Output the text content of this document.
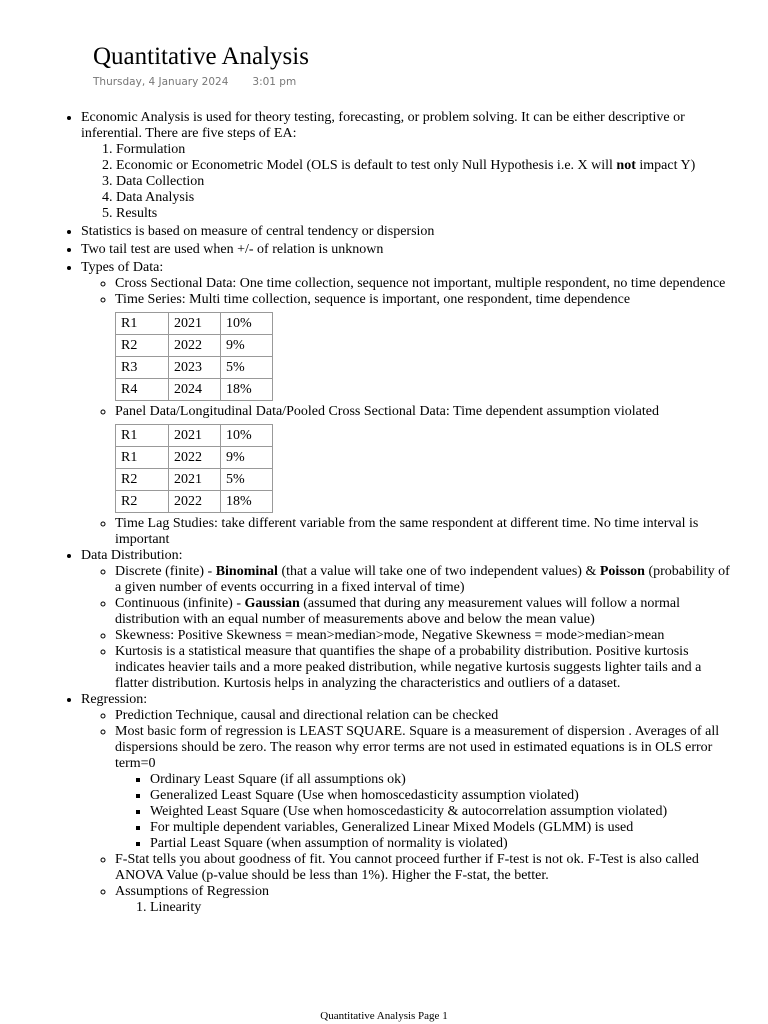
Quantitative Analysis
Thursday, 4 January 2024 3:01 pm
• Economic Analysis is used for theory testing, forecasting, or problem solving. It can be either descriptive or inferential. There are five steps of EA:
1. Formulation
2. Economic or Econometric Model (OLS is default to test only Null Hypothesis i.e. X will not impact Y)
3. Data Collection
4. Data Analysis
5. Results
• Statistics is based on measure of central tendency or dispersion
• Two tail test are used when +/- of relation is unknown
• Types of Data:
◦ Cross Sectional Data: One time collection, sequence not important, multiple respondent, no time dependence
◦ Time Series: Multi time collection, sequence is important, one respondent, time dependence
R1	2021	10%
R2	2022	9%
R3	2023	5%
R4	2024	18%
◦ Panel Data/Longitudinal Data/Pooled Cross Sectional Data: Time dependent assumption violated
R1	2021	10%
R1	2022	9%
R2	2021	5%
R2	2022	18%
◦ Time Lag Studies: take different variable from the same respondent at different time. No time interval is important
• Data Distribution:
◦ Discrete (finite) - Binominal (that a value will take one of two independent values) & Poisson (probability of a given number of events occurring in a fixed interval of time)
◦ Continuous (infinite) - Gaussian (assumed that during any measurement values will follow a normal distribution with an equal number of measurements above and below the mean value)
◦ Skewness: Positive Skewness = mean>median>mode, Negative Skewness = mode>median>mean
◦ Kurtosis is a statistical measure that quantifies the shape of a probability distribution. Positive kurtosis indicates heavier tails and a more peaked distribution, while negative kurtosis suggests lighter tails and a flatter distribution. Kurtosis helps in analyzing the characteristics and outliers of a dataset.
• Regression:
◦ Prediction Technique, causal and directional relation can be checked
◦ Most basic form of regression is LEAST SQUARE. Square is a measurement of dispersion . Averages of all dispersions should be zero. The reason why error terms are not used in estimated equations is in OLS error term=0
▪ Ordinary Least Square (if all assumptions ok)
▪ Generalized Least Square (Use when homoscedasticity assumption violated)
▪ Weighted Least Square (Use when homoscedasticity & autocorrelation assumption violated)
▪ For multiple dependent variables, Generalized Linear Mixed Models (GLMM) is used
▪ Partial Least Square (when assumption of normality is violated)
◦ F-Stat tells you about goodness of fit. You cannot proceed further if F-test is not ok. F-Test is also called ANOVA Value (p-value should be less than 1%). Higher the F-stat, the better.
◦ Assumptions of Regression
1. Linearity
Quantitative Analysis Page 1
